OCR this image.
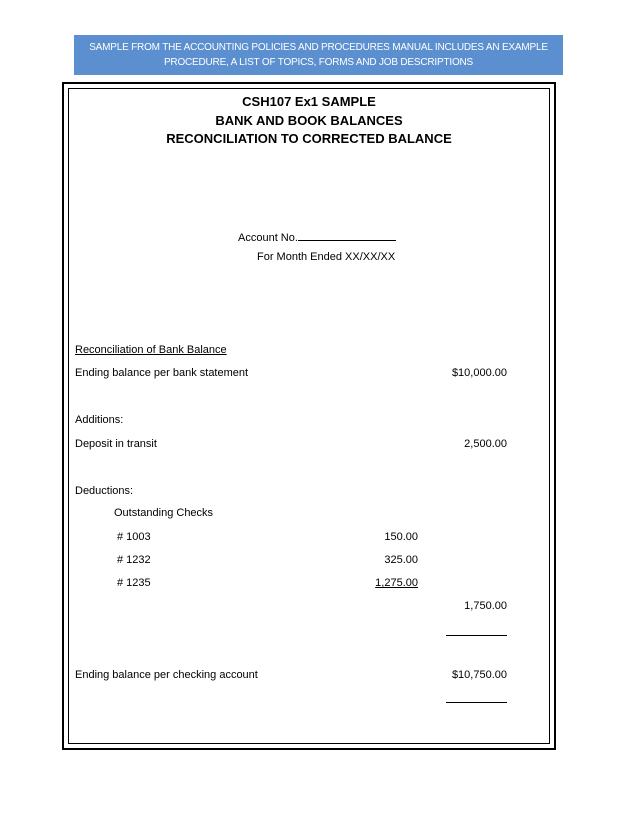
SAMPLE FROM THE ACCOUNTING POLICIES AND PROCEDURES MANUAL INCLUDES AN EXAMPLE
PROCEDURE, A LIST OF TOPICS, FORMS AND JOB DESCRIPTIONS
CSH107 Ex1 SAMPLE
BANK AND BOOK BALANCES
RECONCILIATION TO CORRECTED BALANCE
Account No.
For Month Ended XX/XX/XX
Reconciliation of Bank Balance
Ending balance per bank statement	$10,000.00
Additions:
Deposit in transit	2,500.00
Deductions:
Outstanding Checks
# 1003	150.00
# 1232	325.00
# 1235	1,275.00
1,750.00
Ending balance per checking account	$10,750.00
